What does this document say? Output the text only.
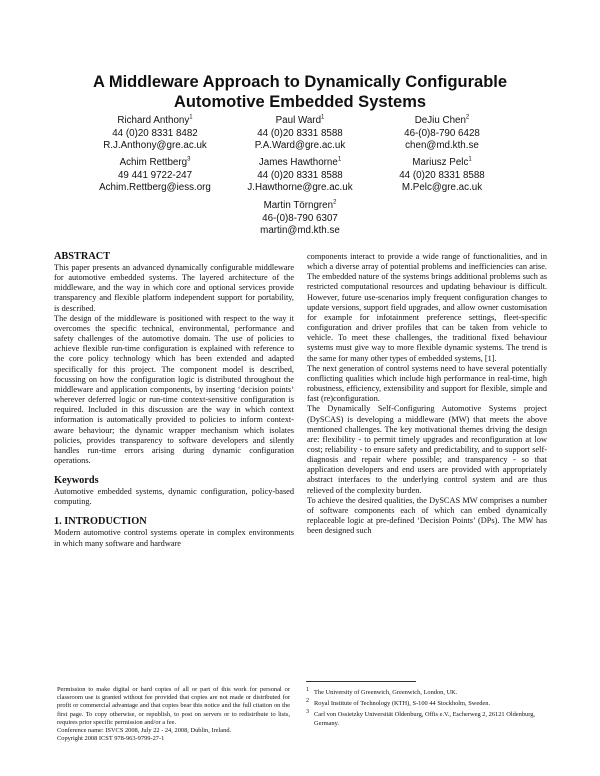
A Middleware Approach to Dynamically Configurable
Automotive Embedded Systems
Richard Anthony$^1$
44 (0)20 8331 8482
R.J.Anthony@gre.ac.uk
Paul Ward$^1$
44 (0)20 8331 8588
P.A.Ward@gre.ac.uk
DeJiu Chen$^2$
46-(0)8-790 6428
chen@md.kth.se
Achim Rettberg$^3$
49 441 9722-247
Achim.Rettberg@iess.org
James Hawthorne$^1$
44 (0)20 8331 8588
J.Hawthorne@gre.ac.uk
Mariusz Pelc$^1$
44 (0)20 8331 8588
M.Pelc@gre.ac.uk
Martin Törngren$^2$
46-(0)8-790 6307
martin@md.kth.se
ABSTRACT

This paper presents an advanced dynamically configurable middleware for automotive embedded systems. The layered architecture of the middleware, and the way in which core and optional services provide transparency and flexible platform independent support for portability, is described.

The design of the middleware is positioned with respect to the way it overcomes the specific technical, environmental, performance and safety challenges of the automotive domain. The use of policies to achieve flexible run-time configuration is explained with reference to the core policy technology which has been extended and adapted specifically for this project. The component model is described, focussing on how the configuration logic is distributed throughout the middleware and application components, by inserting ‘decision points’ wherever deferred logic or run-time context-sensitive configuration is required. Included in this discussion are the way in which context information is automatically provided to policies to inform context-aware behaviour; the dynamic wrapper mechanism which isolates policies, provides transparency to software developers and silently handles run-time errors arising during dynamic configuration operations.

Keywords

Automotive embedded systems, dynamic configuration, policy-based computing.

1. INTRODUCTION

Modern automotive control systems operate in complex environments in which many software and hardware

components interact to provide a wide range of functionalities, and in which a diverse array of potential problems and inefficiencies can arise. The embedded nature of the systems brings additional problems such as restricted computational resources and updating behaviour is difficult. However, future use-scenarios imply frequent configuration changes to update versions, support field upgrades, and allow owner customisation for example for infotainment preference settings, fleet-specific configuration and driver profiles that can be taken from vehicle to vehicle. To meet these challenges, the traditional fixed behaviour systems must give way to more flexible dynamic systems. The trend is the same for many other types of embedded systems, [1].

The next generation of control systems need to have several potentially conflicting qualities which include high performance in real-time, high robustness, efficiency, extensibility and support for flexible, simple and fast (re)configuration.

The Dynamically Self-Configuring Automotive Systems project (DySCAS) is developing a middleware (MW) that meets the above mentioned challenges. The key motivational themes driving the design are: flexibility - to permit timely upgrades and reconfiguration at low cost; reliability - to ensure safety and predictability, and to support self-diagnosis and repair where possible; and transparency - so that application developers and end users are provided with appropriately abstract interfaces to the underlying control system and are thus relieved of the complexity burden.

To achieve the desired qualities, the DySCAS MW comprises a number of software components each of which can embed dynamically replaceable logic at pre-defined ‘Decision Points’ (DPs). The MW has been designed such

Permission to make digital or hard copies of all or part of this work for personal or classroom use is granted without fee provided that copies are not made or distributed for profit or commercial advantage and that copies bear this notice and the full citation on the first page. To copy otherwise, or republish, to post on servers or to redistribute to lists, requires prior specific permission and/or a fee.

Conference name: ISVCS 2008, July 22 - 24, 2008, Dublin, Ireland.

Copyright 2008 ICST 978-963-9799-27-1

1 The University of Greenwich, Greenwich, London, UK.
2 Royal Institute of Technology (KTH), S-100 44 Stockholm, Sweden.
3 Carl von Ossietzky Universität Oldenburg, Offis e.V., Escherweg 2, 26121 Oldenburg, Germany.
